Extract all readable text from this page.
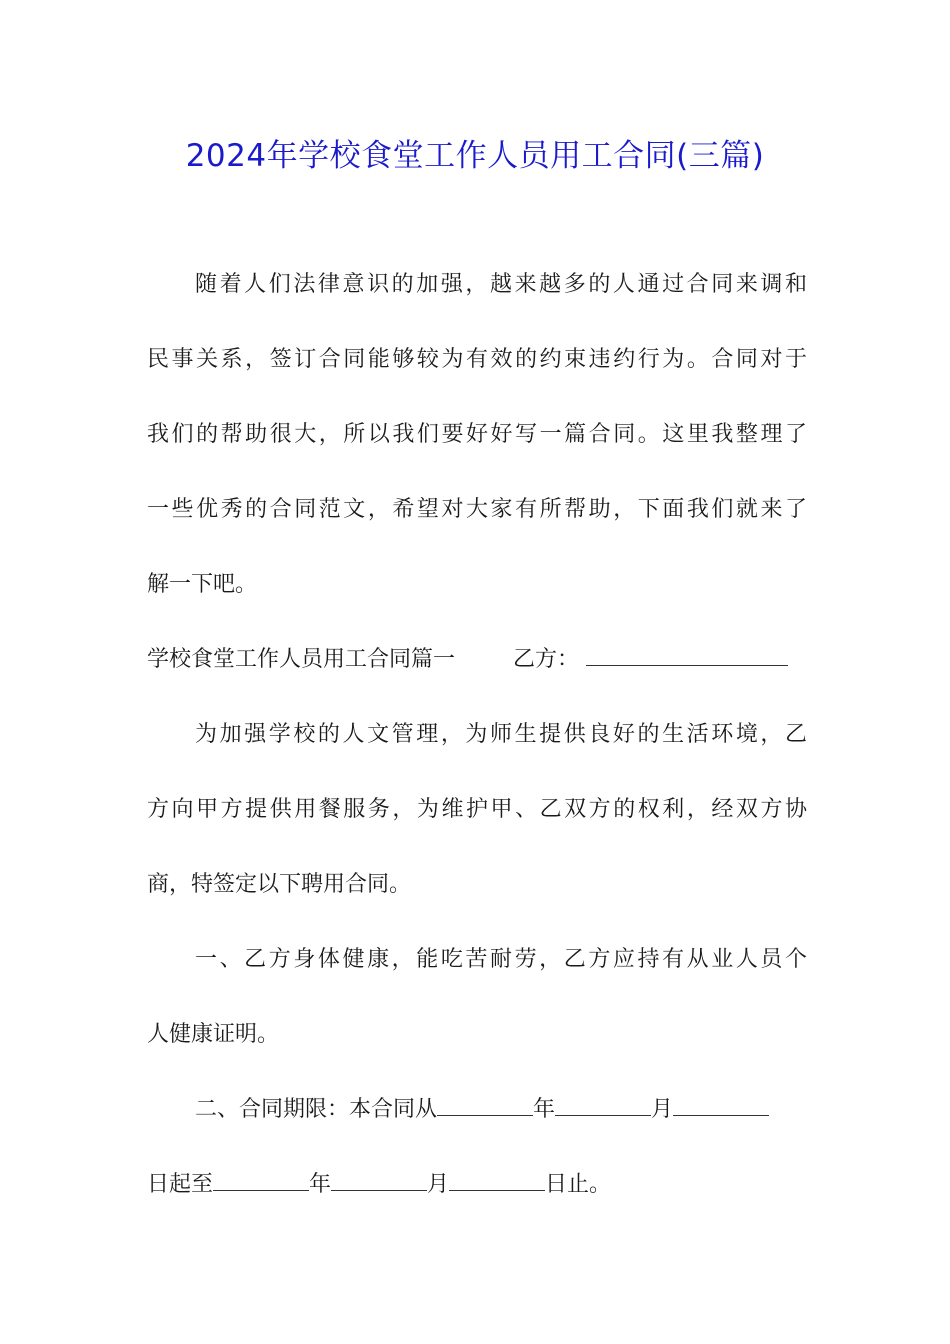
2024年学校食堂工作人员用工合同(三篇)

随着人们法律意识的加强，越来越多的人通过合同来调和

民事关系，签订合同能够较为有效的约束违约行为。合同对于

我们的帮助很大，所以我们要好好写一篇合同。这里我整理了

一些优秀的合同范文，希望对大家有所帮助，下面我们就来了

解一下吧。

学校食堂工作人员用工合同篇一	乙方：

为加强学校的人文管理，为师生提供良好的生活环境，乙

方向甲方提供用餐服务，为维护甲、乙双方的权利，经双方协

商，特签定以下聘用合同。

一、乙方身体健康，能吃苦耐劳，乙方应持有从业人员个

人健康证明。

二、合同期限：本合同从	年	月
日起至	年	月	日止。
